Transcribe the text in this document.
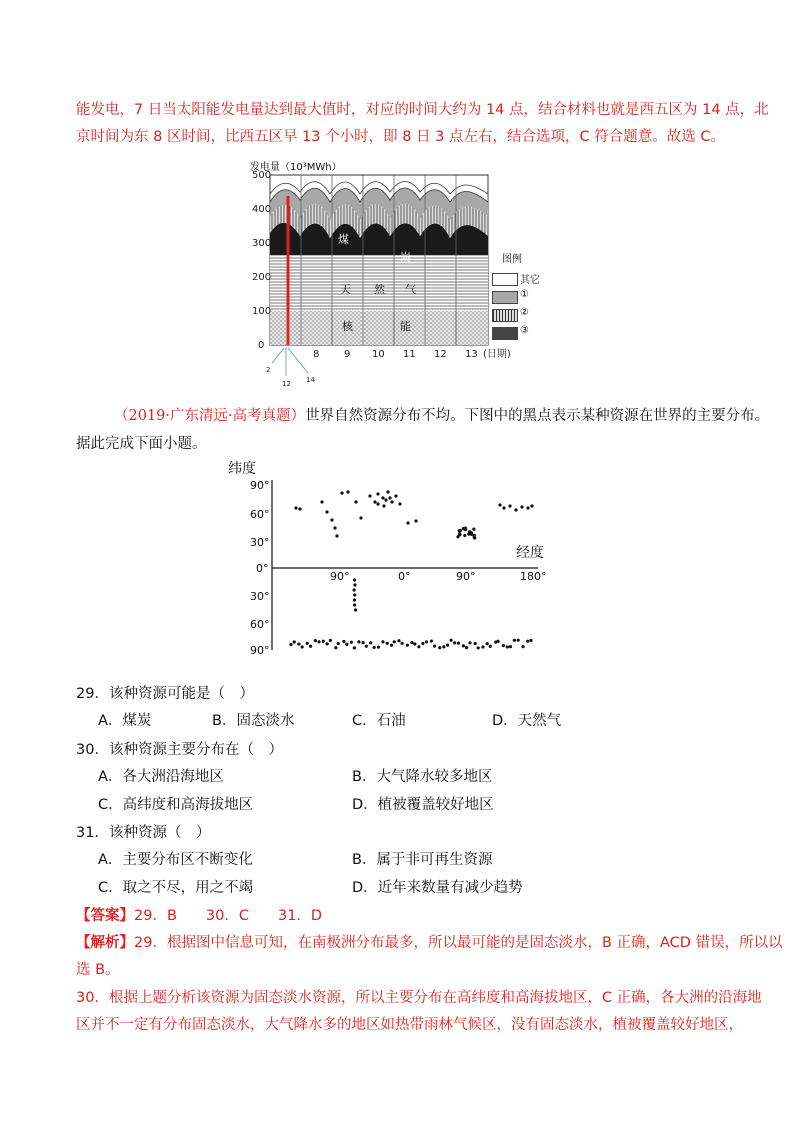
能发电，7 日当太阳能发电量达到最大值时，对应的时间大约为 14 点，结合材料也就是西五区为 14 点，北
京时间为东 8 区时间，比西五区早 13 个小时，即 8 日 3 点左右，结合选项，C 符合题意。故选 C。
发电量（10³MWh）
500
400
300
200
100
0
8 9 10 11 12 13 (日期)
煤
炭
天 然 气
核	能
2
12 14
图例
其它
①
②
③
（2019·广东清远·高考真题）世界自然资源分布不均。下图中的黑点表示某种资源在世界的主要分布。
据此完成下面小题。
纬度
经度
90°
60°
30°
0°
30°
60°
90°
90°	0°	90°	180°
29．该种资源可能是（　）
A．煤炭	B．固态淡水	C．石油	D．天然气
30．该种资源主要分布在（　）
A．各大洲沿海地区	B．大气降水较多地区
C．高纬度和高海拔地区	D．植被覆盖较好地区
31．该种资源（　）
A．主要分布区不断变化	B．属于非可再生资源
C．取之不尽，用之不竭	D．近年来数量有减少趋势
【答案】29．B　　30．C　　31．D
【解析】29．根据图中信息可知，在南极洲分布最多，所以最可能的是固态淡水，B 正确，ACD 错误，所以以
选 B。
30．根据上题分析该资源为固态淡水资源，所以主要分布在高纬度和高海拔地区，C 正确，各大洲的沿海地
区并不一定有分布固态淡水，大气降水多的地区如热带雨林气候区，没有固态淡水，植被覆盖较好地区，
